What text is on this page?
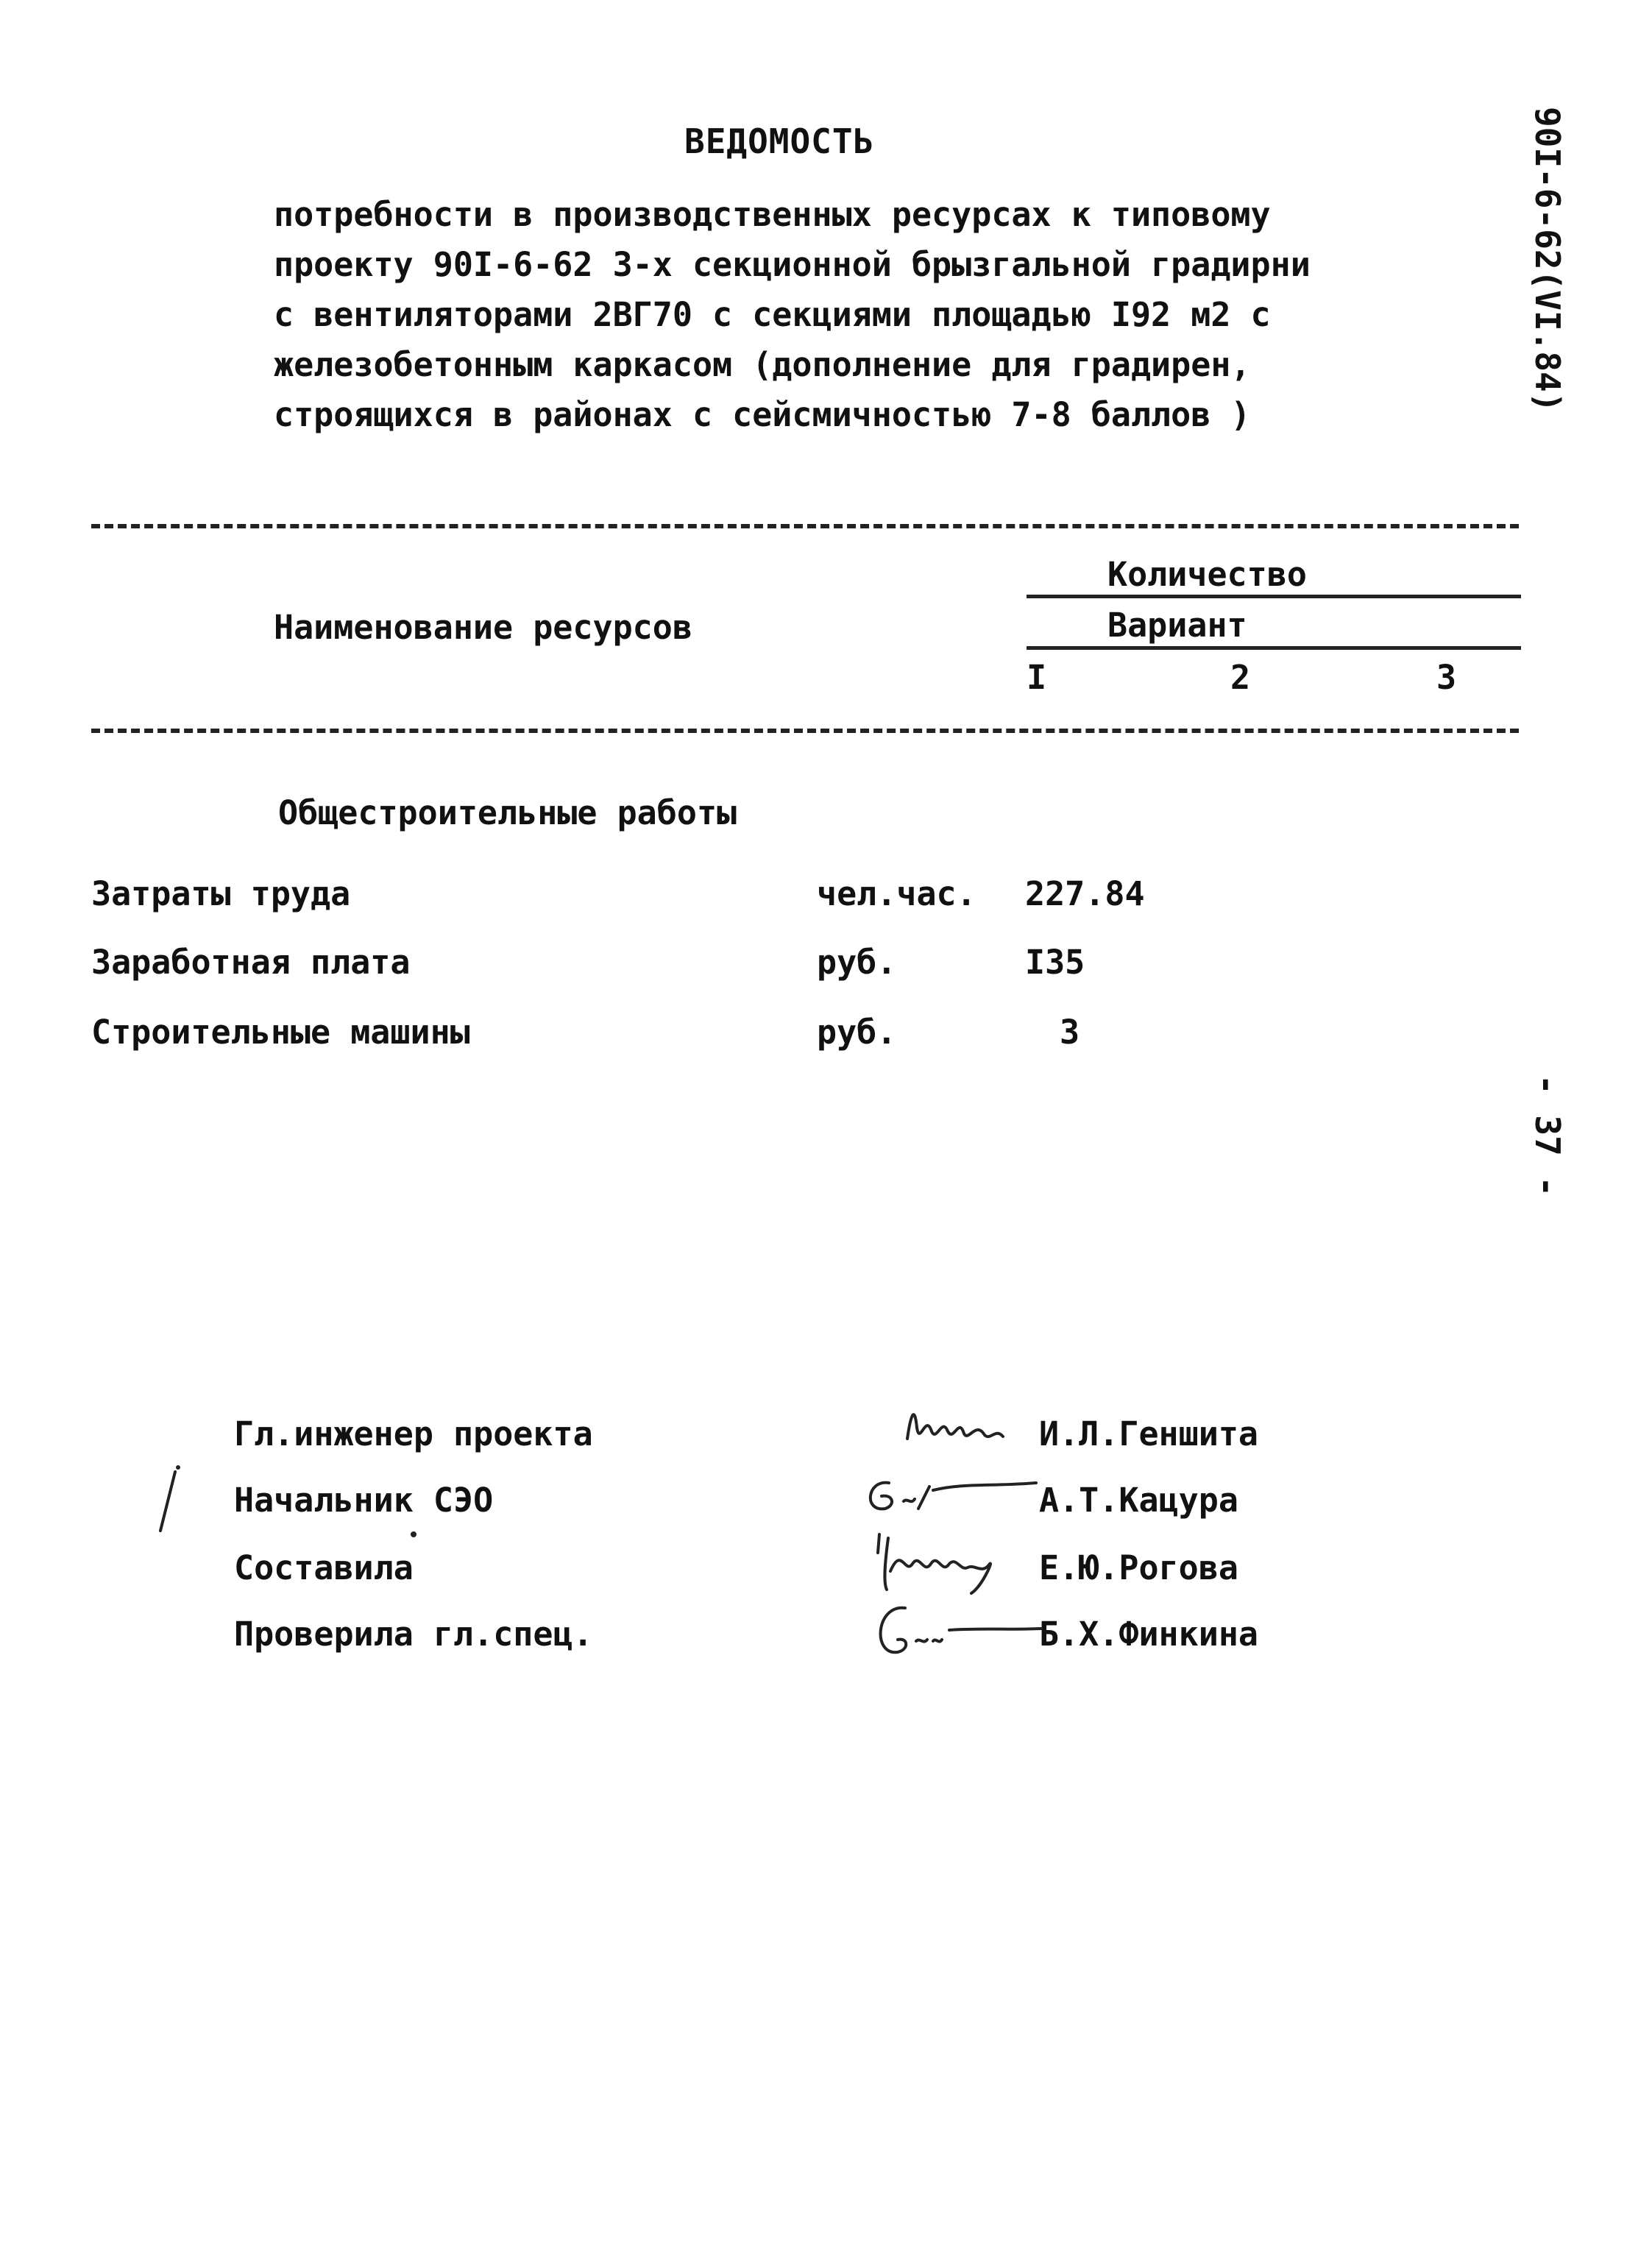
ВЕДОМОСТЬ
потребности в производственных ресурсах к типовому
проекту 90I-6-62 3-х секционной брызгальной градирни
с вентиляторами 2ВГ70 с секциями площадью I92 м2 с
железобетонным каркасом (дополнение для градирен,
строящихся в районах с сейсмичностью 7-8 баллов )
90I-6-62(VI.84)
- 37 -
Наименование ресурсов
Количество
Вариант
I	2	3
Общестроительные работы
Затраты труда	чел.час. 227.84
Заработная плата	руб.	I35
Строительные машины	руб.	3
Гл.инженер проекта	И.Л.Геншита
Начальник СЭО	А.Т.Кацура
Составила	Е.Ю.Рогова
Проверила гл.спец.	Б.Х.Финкина
